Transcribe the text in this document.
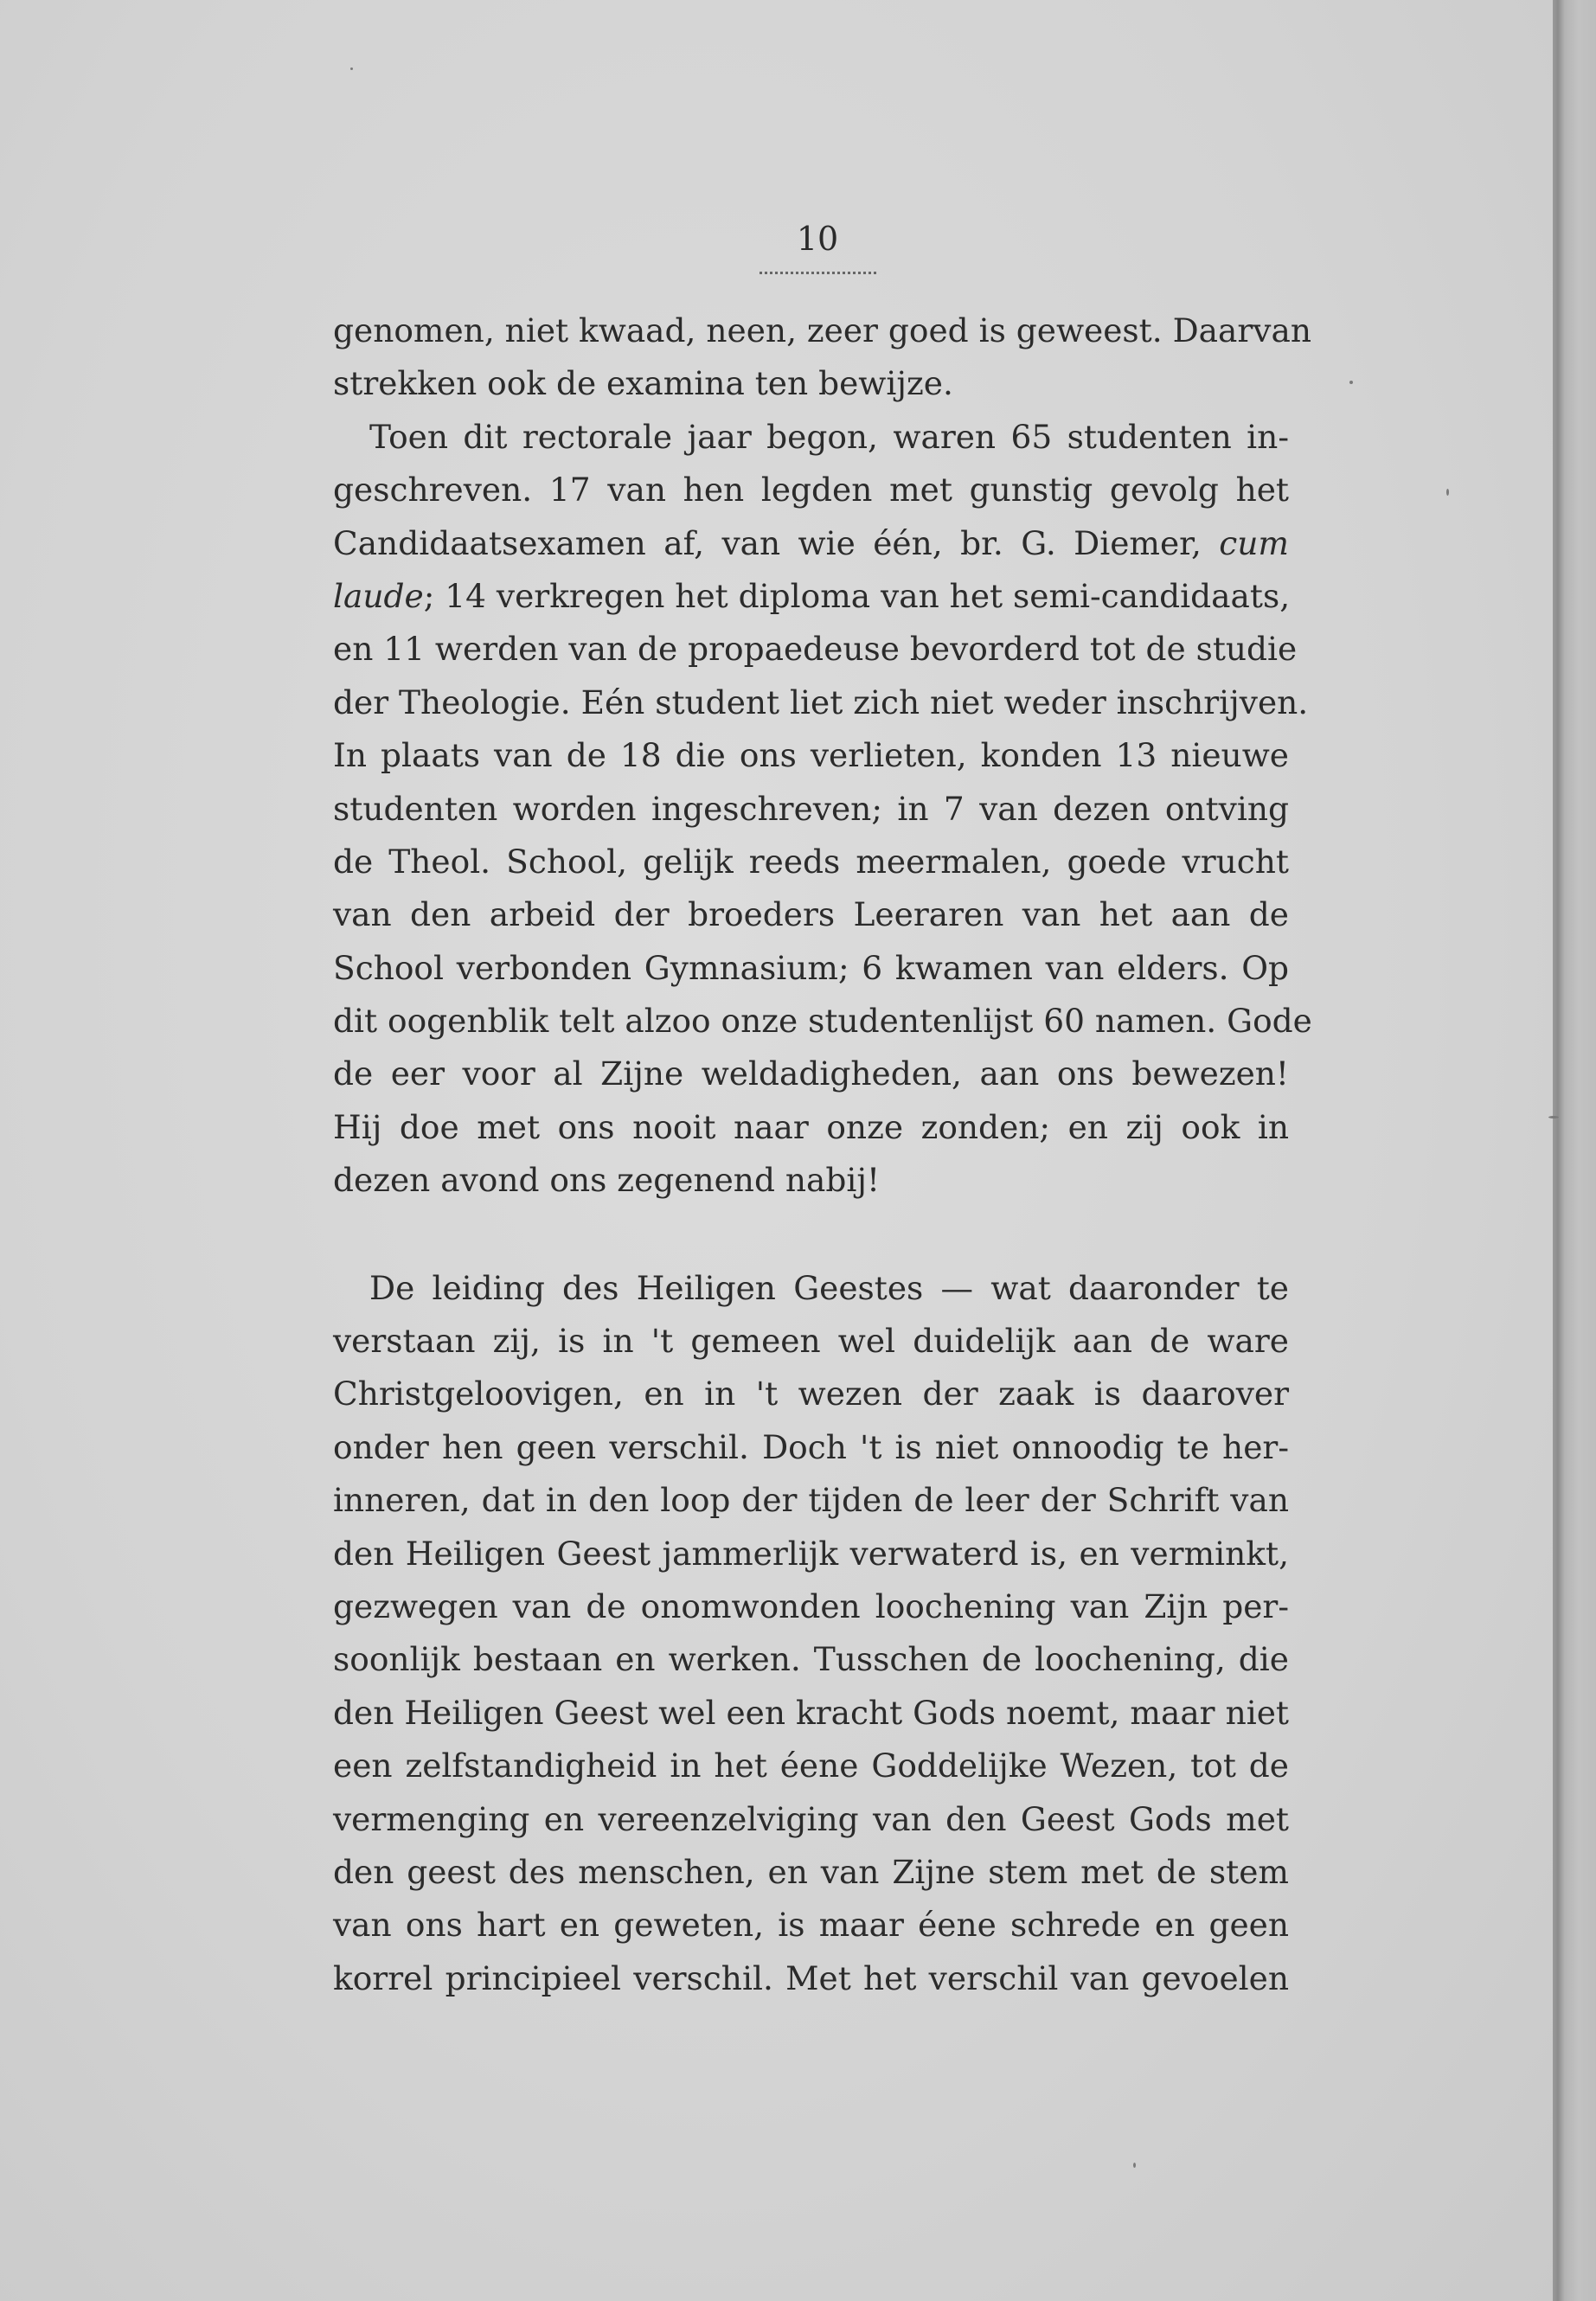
10
genomen, niet kwaad, neen, zeer goed is geweest. Daarvan
strekken ook de examina ten bewijze.
Toen dit rectorale jaar begon, waren 65 studenten in-
geschreven. 17 van hen legden met gunstig gevolg het
Candidaatsexamen af, van wie één, br. G. Diemer, cum
laude; 14 verkregen het diploma van het semi-candidaats,
en 11 werden van de propaedeuse bevorderd tot de studie
der Theologie. Eén student liet zich niet weder inschrijven.
In plaats van de 18 die ons verlieten, konden 13 nieuwe
studenten worden ingeschreven; in 7 van dezen ontving
de Theol. School, gelijk reeds meermalen, goede vrucht
van den arbeid der broeders Leeraren van het aan de
School verbonden Gymnasium; 6 kwamen van elders. Op
dit oogenblik telt alzoo onze studentenlijst 60 namen. Gode
de eer voor al Zijne weldadigheden, aan ons bewezen!
Hij doe met ons nooit naar onze zonden; en zij ook in
dezen avond ons zegenend nabij!
De leiding des Heiligen Geestes — wat daaronder te
verstaan zij, is in 't gemeen wel duidelijk aan de ware
Christgeloovigen, en in 't wezen der zaak is daarover
onder hen geen verschil. Doch 't is niet onnoodig te her-
inneren, dat in den loop der tijden de leer der Schrift van
den Heiligen Geest jammerlijk verwaterd is, en verminkt,
gezwegen van de onomwonden loochening van Zijn per-
soonlijk bestaan en werken. Tusschen de loochening, die
den Heiligen Geest wel een kracht Gods noemt, maar niet
een zelfstandigheid in het éene Goddelijke Wezen, tot de
vermenging en vereenzelviging van den Geest Gods met
den geest des menschen, en van Zijne stem met de stem
van ons hart en geweten, is maar éene schrede en geen
korrel principieel verschil. Met het verschil van gevoelen
